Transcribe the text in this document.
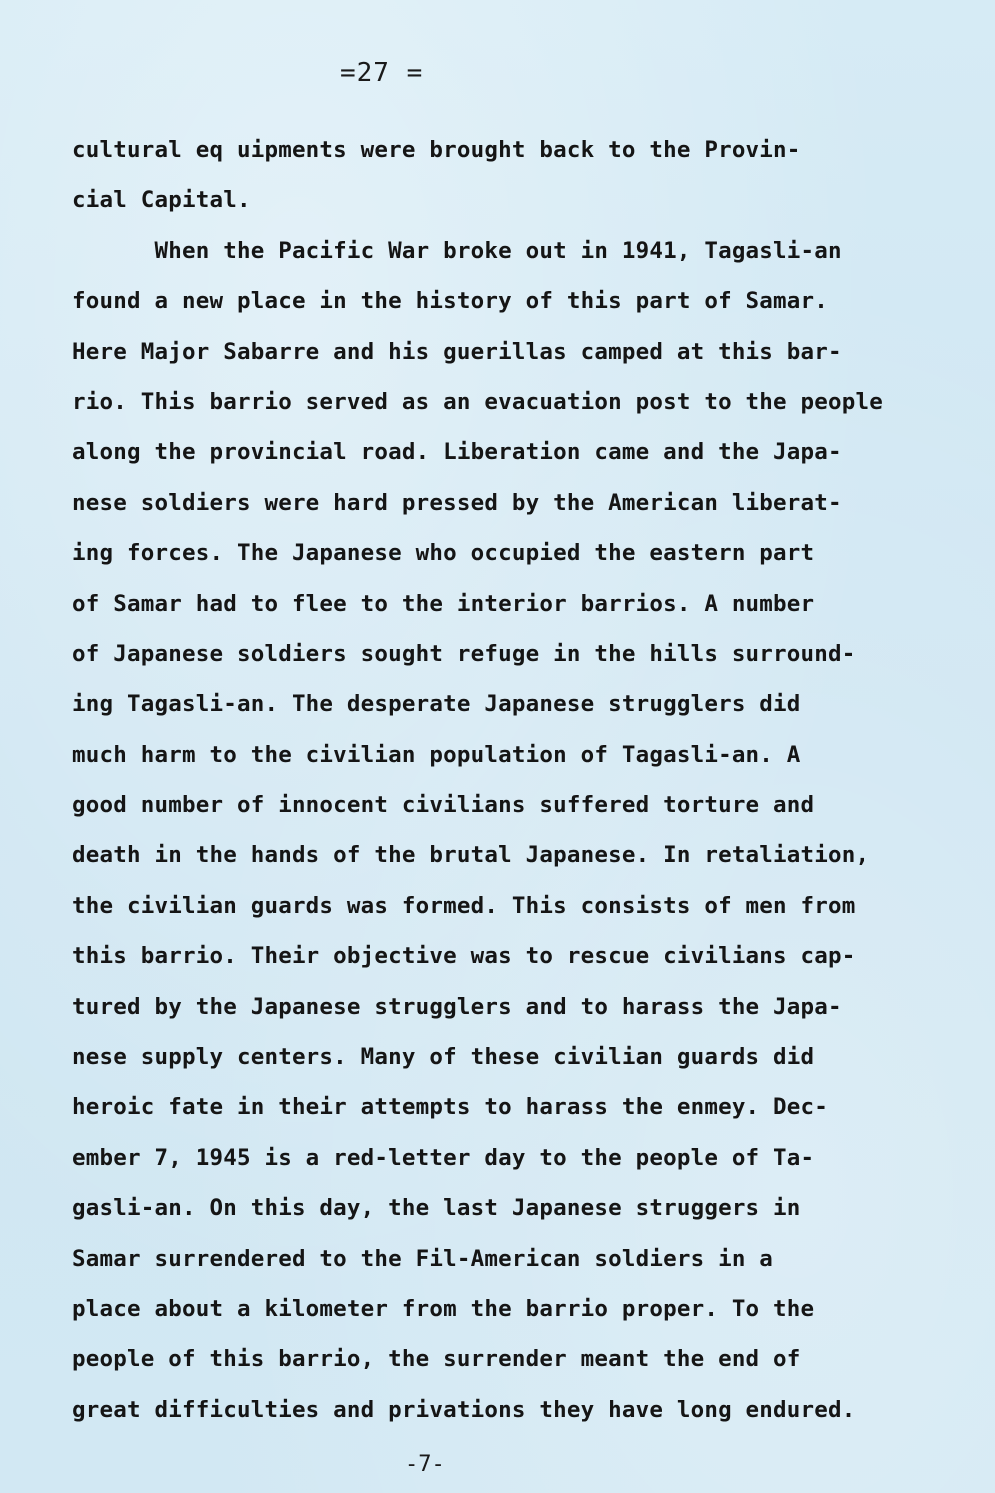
=27 =
cultural eq uipments were brought back to the Provin-
cial Capital.
When the Pacific War broke out in 1941, Tagasli-an
found a new place in the history of this part of Samar.
Here Major Sabarre and his guerillas camped at this bar-
rio. This barrio served as an evacuation post to the people
along the provincial road. Liberation came and the Japa-
nese soldiers were hard pressed by the American liberat-
ing forces. The Japanese who occupied the eastern part
of Samar had to flee to the interior barrios. A number
of Japanese soldiers sought refuge in the hills surround-
ing Tagasli-an. The desperate Japanese strugglers did
much harm to the civilian population of Tagasli-an. A
good number of innocent civilians suffered torture and
death in the hands of the brutal Japanese. In retaliation,
the civilian guards was formed. This consists of men from
this barrio. Their objective was to rescue civilians cap-
tured by the Japanese strugglers and to harass the Japa-
nese supply centers. Many of these civilian guards did
heroic fate in their attempts to harass the enmey. Dec-
ember 7, 1945 is a red-letter day to the people of Ta-
gasli-an. On this day, the last Japanese struggers in
Samar surrendered to the Fil-American soldiers in a
place about a kilometer from the barrio proper. To the
people of this barrio, the surrender meant the end of
great difficulties and privations they have long endured.
-7-
